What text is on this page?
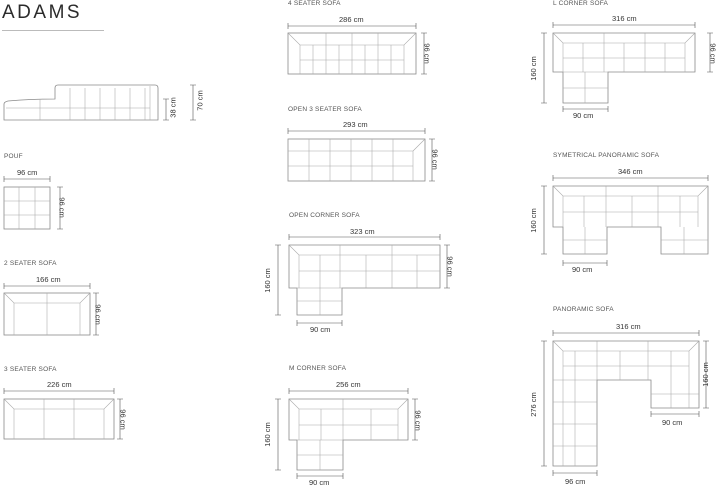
ADAMS
70 cm
38 cm
POUF
96 cm
96 cm
2 SEATER SOFA
166 cm
96 cm
3 SEATER SOFA
226 cm
96 cm
4 SEATER SOFA
286 cm
96 cm
OPEN 3 SEATER SOFA
293 cm
96 cm
OPEN CORNER SOFA
323 cm
96 cm
160 cm
90 cm
M CORNER SOFA
256 cm
96 cm
160 cm
90 cm
L CORNER SOFA
316 cm
96 cm
160 cm
90 cm
SYMETRICAL PANORAMIC SOFA
346 cm
160 cm
90 cm
PANORAMIC SOFA
316 cm
160 cm
276 cm
90 cm
96 cm
